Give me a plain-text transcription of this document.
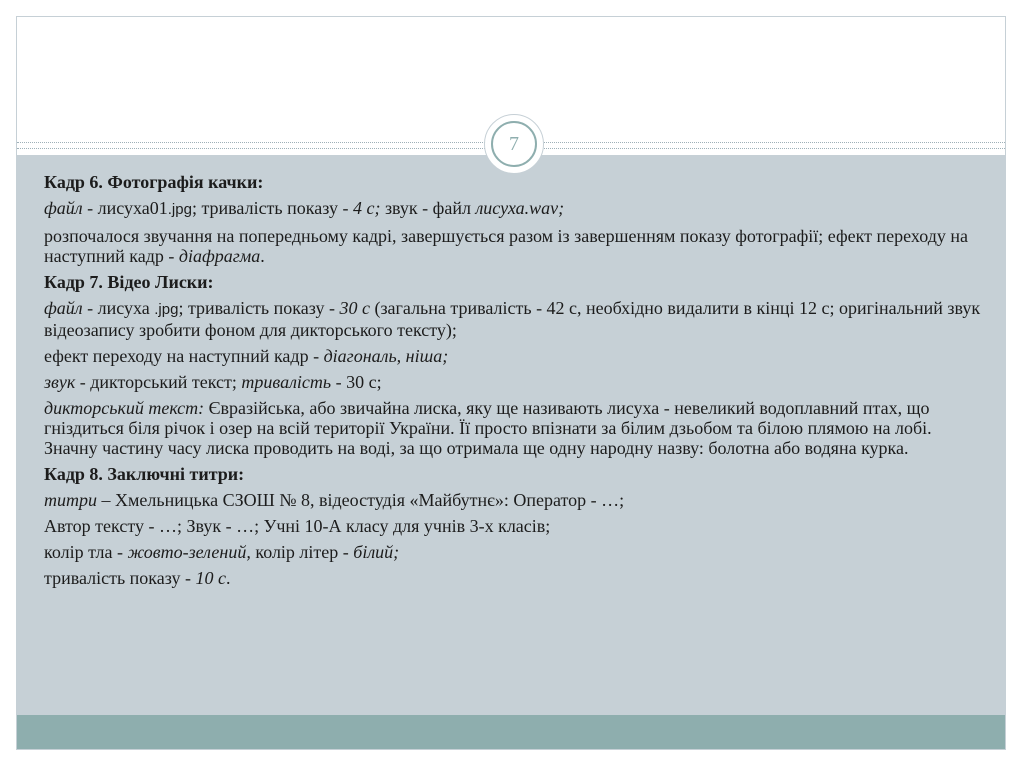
7

Кадр 6. Фотографія качки:

файл - лисуха01.jpg; тривалість показу - 4 с; звук - файл лисуха.wav;

розпочалося звучання на попередньому кадрі, завершується разом із завершенням показу фотографії; ефект переходу на наступний кадр - діафрагма.

Кадр 7. Відео Лиски:

файл - лисуха .jpg; тривалість показу - 30 с (загальна тривалість - 42 с, необхідно видалити в кінці 12 с; оригінальний звук відеозапису зробити фоном для дикторського тексту);

ефект переходу на наступний кадр - діагональ, ніша;

звук - дикторський текст; тривалість - 30 с;

дикторський текст: Євразійська, або звичайна лиска, яку ще називають лисуха - невеликий водоплавний птах, що гніздиться біля річок і озер на всій території України. Її просто впізнати за білим дзьобом та білою плямою на лобі. Значну частину часу лиска проводить на воді, за що отримала ще одну народну назву: болотна або водяна курка.

Кадр 8. Заключні титри:

титри – Хмельницька СЗОШ № 8, відеостудія «Майбутнє»: Оператор - …;

Автор тексту - …; Звук - …; Учні 10-А класу для учнів 3-х класів;

колір тла - жовто-зелений, колір літер - білий;

тривалість показу - 10 с.
